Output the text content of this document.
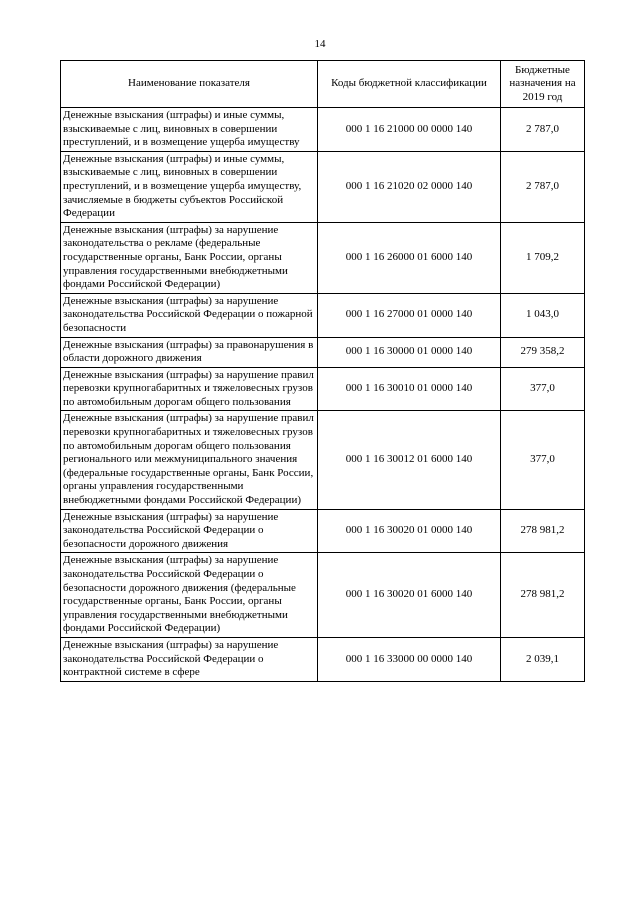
14
Наименование показателя	Коды бюджетной классификации	Бюджетные назначения на 2019 год
Денежные взыскания (штрафы) и иные суммы, взыскиваемые с лиц, виновных в совершении преступлений, и в возмещение ущерба имуществу	000 1 16 21000 00 0000 140	2 787,0
Денежные взыскания (штрафы) и иные суммы, взыскиваемые с лиц, виновных в совершении преступлений, и в возмещение ущерба имуществу, зачисляемые в бюджеты субъектов Российской Федерации	000 1 16 21020 02 0000 140	2 787,0
Денежные взыскания (штрафы) за нарушение законодательства о рекламе (федеральные государственные органы, Банк России, органы управления государственными внебюджетными фондами Российской Федерации)	000 1 16 26000 01 6000 140	1 709,2
Денежные взыскания (штрафы) за нарушение законодательства Российской Федерации о пожарной безопасности	000 1 16 27000 01 0000 140	1 043,0
Денежные взыскания (штрафы) за правонарушения в области дорожного движения	000 1 16 30000 01 0000 140	279 358,2
Денежные взыскания (штрафы) за нарушение правил перевозки крупногабаритных и тяжеловесных грузов по автомобильным дорогам общего пользования	000 1 16 30010 01 0000 140	377,0
Денежные взыскания (штрафы) за нарушение правил перевозки крупногабаритных и тяжеловесных грузов по автомобильным дорогам общего пользования регионального или межмуниципального значения (федеральные государственные органы, Банк России, органы управления государственными внебюджетными фондами Российской Федерации)	000 1 16 30012 01 6000 140	377,0
Денежные взыскания (штрафы) за нарушение законодательства Российской Федерации о безопасности дорожного движения	000 1 16 30020 01 0000 140	278 981,2
Денежные взыскания (штрафы) за нарушение законодательства Российской Федерации о безопасности дорожного движения (федеральные государственные органы, Банк России, органы управления государственными внебюджетными фондами Российской Федерации)	000 1 16 30020 01 6000 140	278 981,2
Денежные взыскания (штрафы) за нарушение законодательства Российской Федерации о контрактной системе в сфере	000 1 16 33000 00 0000 140	2 039,1
